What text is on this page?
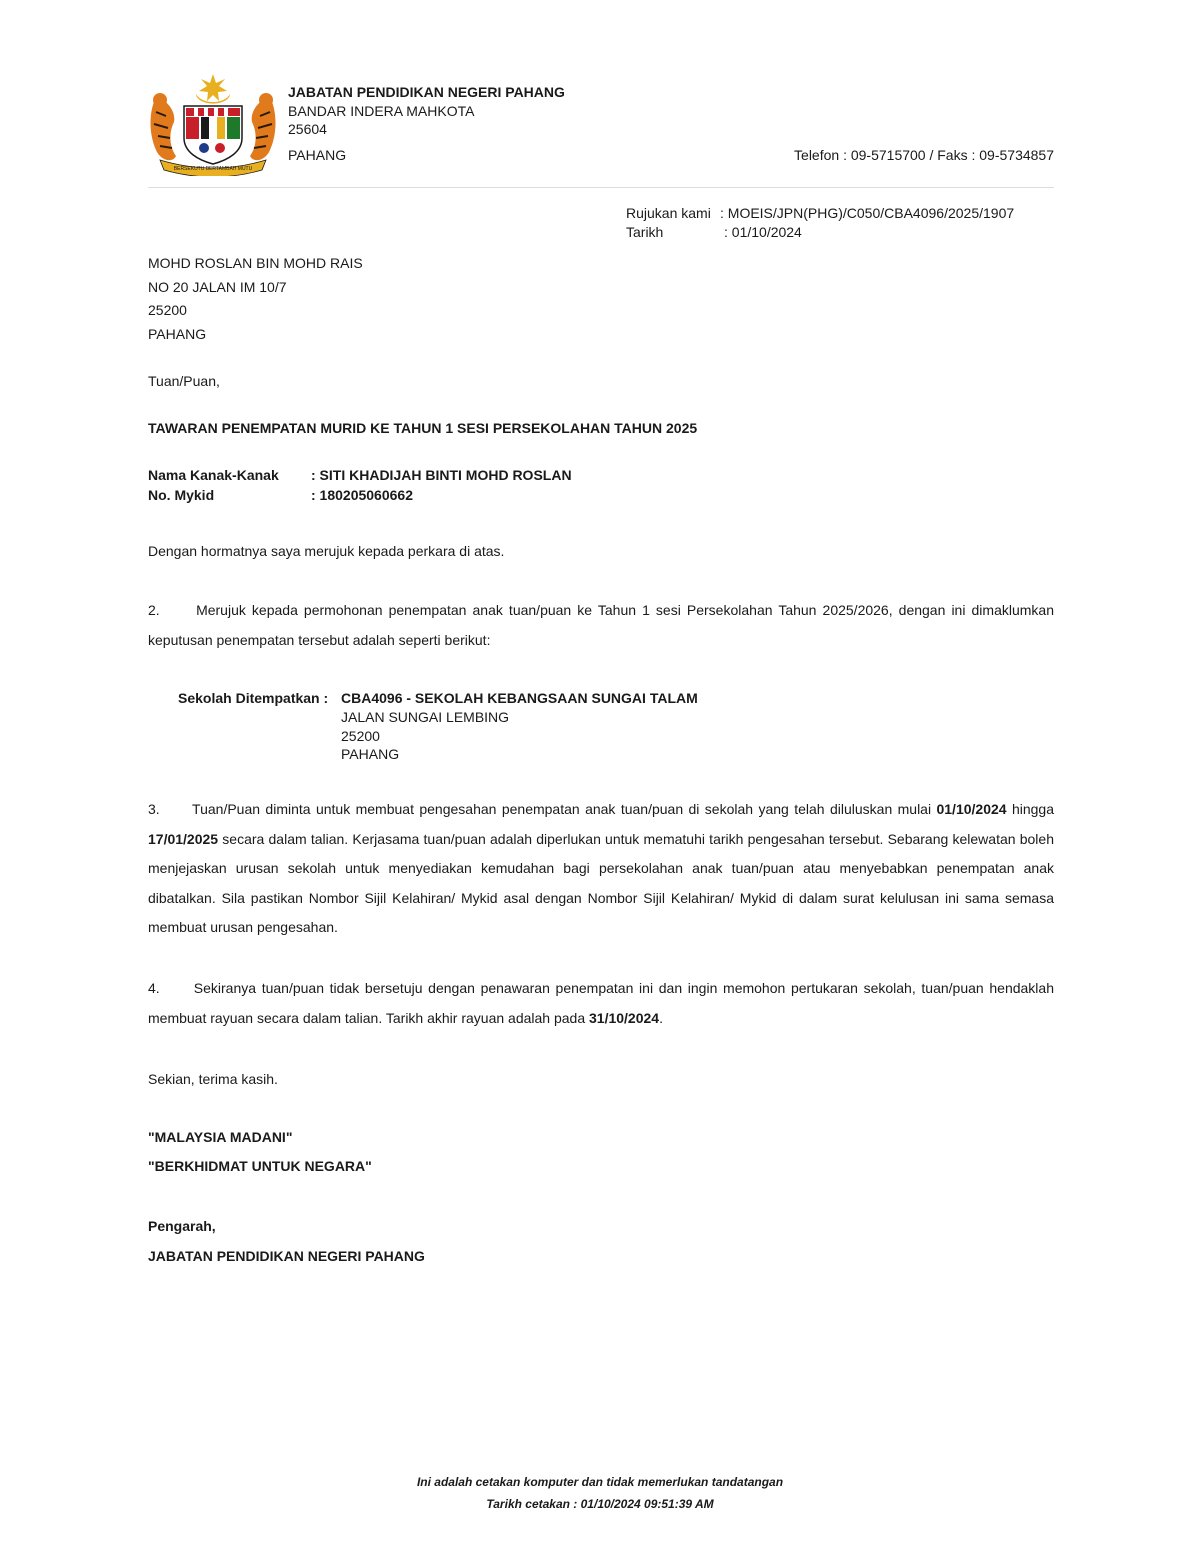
BERSEKUTU BERTAMBAH MUTU
JABATAN PENDIDIKAN NEGERI PAHANG
BANDAR INDERA MAHKOTA
25604
PAHANG	Telefon : 09-5715700 / Faks : 09-5734857
Rujukan kami : MOEIS/JPN(PHG)/C050/CBA4096/2025/1907
Tarikh	: 01/10/2024
MOHD ROSLAN BIN MOHD RAIS
NO 20 JALAN IM 10/7
25200
PAHANG
Tuan/Puan,
TAWARAN PENEMPATAN MURID KE TAHUN 1 SESI PERSEKOLAHAN TAHUN 2025
Nama Kanak-Kanak : SITI KHADIJAH BINTI MOHD ROSLAN
No. Mykid	: 180205060662
Dengan hormatnya saya merujuk kepada perkara di atas.
2.      Merujuk kepada permohonan penempatan anak tuan/puan ke Tahun 1 sesi Persekolahan Tahun 2025/2026, dengan ini dimaklumkan keputusan penempatan tersebut adalah seperti berikut:
Sekolah Ditempatkan : CBA4096 - SEKOLAH KEBANGSAAN SUNGAI TALAM
JALAN SUNGAI LEMBING
25200
PAHANG
3.      Tuan/Puan diminta untuk membuat pengesahan penempatan anak tuan/puan di sekolah yang telah diluluskan mulai 01/10/2024 hingga 17/01/2025 secara dalam talian. Kerjasama tuan/puan adalah diperlukan untuk mematuhi tarikh pengesahan tersebut. Sebarang kelewatan boleh menjejaskan urusan sekolah untuk menyediakan kemudahan bagi persekolahan anak tuan/puan atau menyebabkan penempatan anak dibatalkan. Sila pastikan Nombor Sijil Kelahiran/ Mykid asal dengan Nombor Sijil Kelahiran/ Mykid di dalam surat kelulusan ini sama semasa membuat urusan pengesahan.
4.      Sekiranya tuan/puan tidak bersetuju dengan penawaran penempatan ini dan ingin memohon pertukaran sekolah, tuan/puan hendaklah membuat rayuan secara dalam talian. Tarikh akhir rayuan adalah pada 31/10/2024.
Sekian, terima kasih.
"MALAYSIA MADANI"
"BERKHIDMAT UNTUK NEGARA"
Pengarah,
JABATAN PENDIDIKAN NEGERI PAHANG
Ini adalah cetakan komputer dan tidak memerlukan tandatangan
Tarikh cetakan : 01/10/2024 09:51:39 AM
